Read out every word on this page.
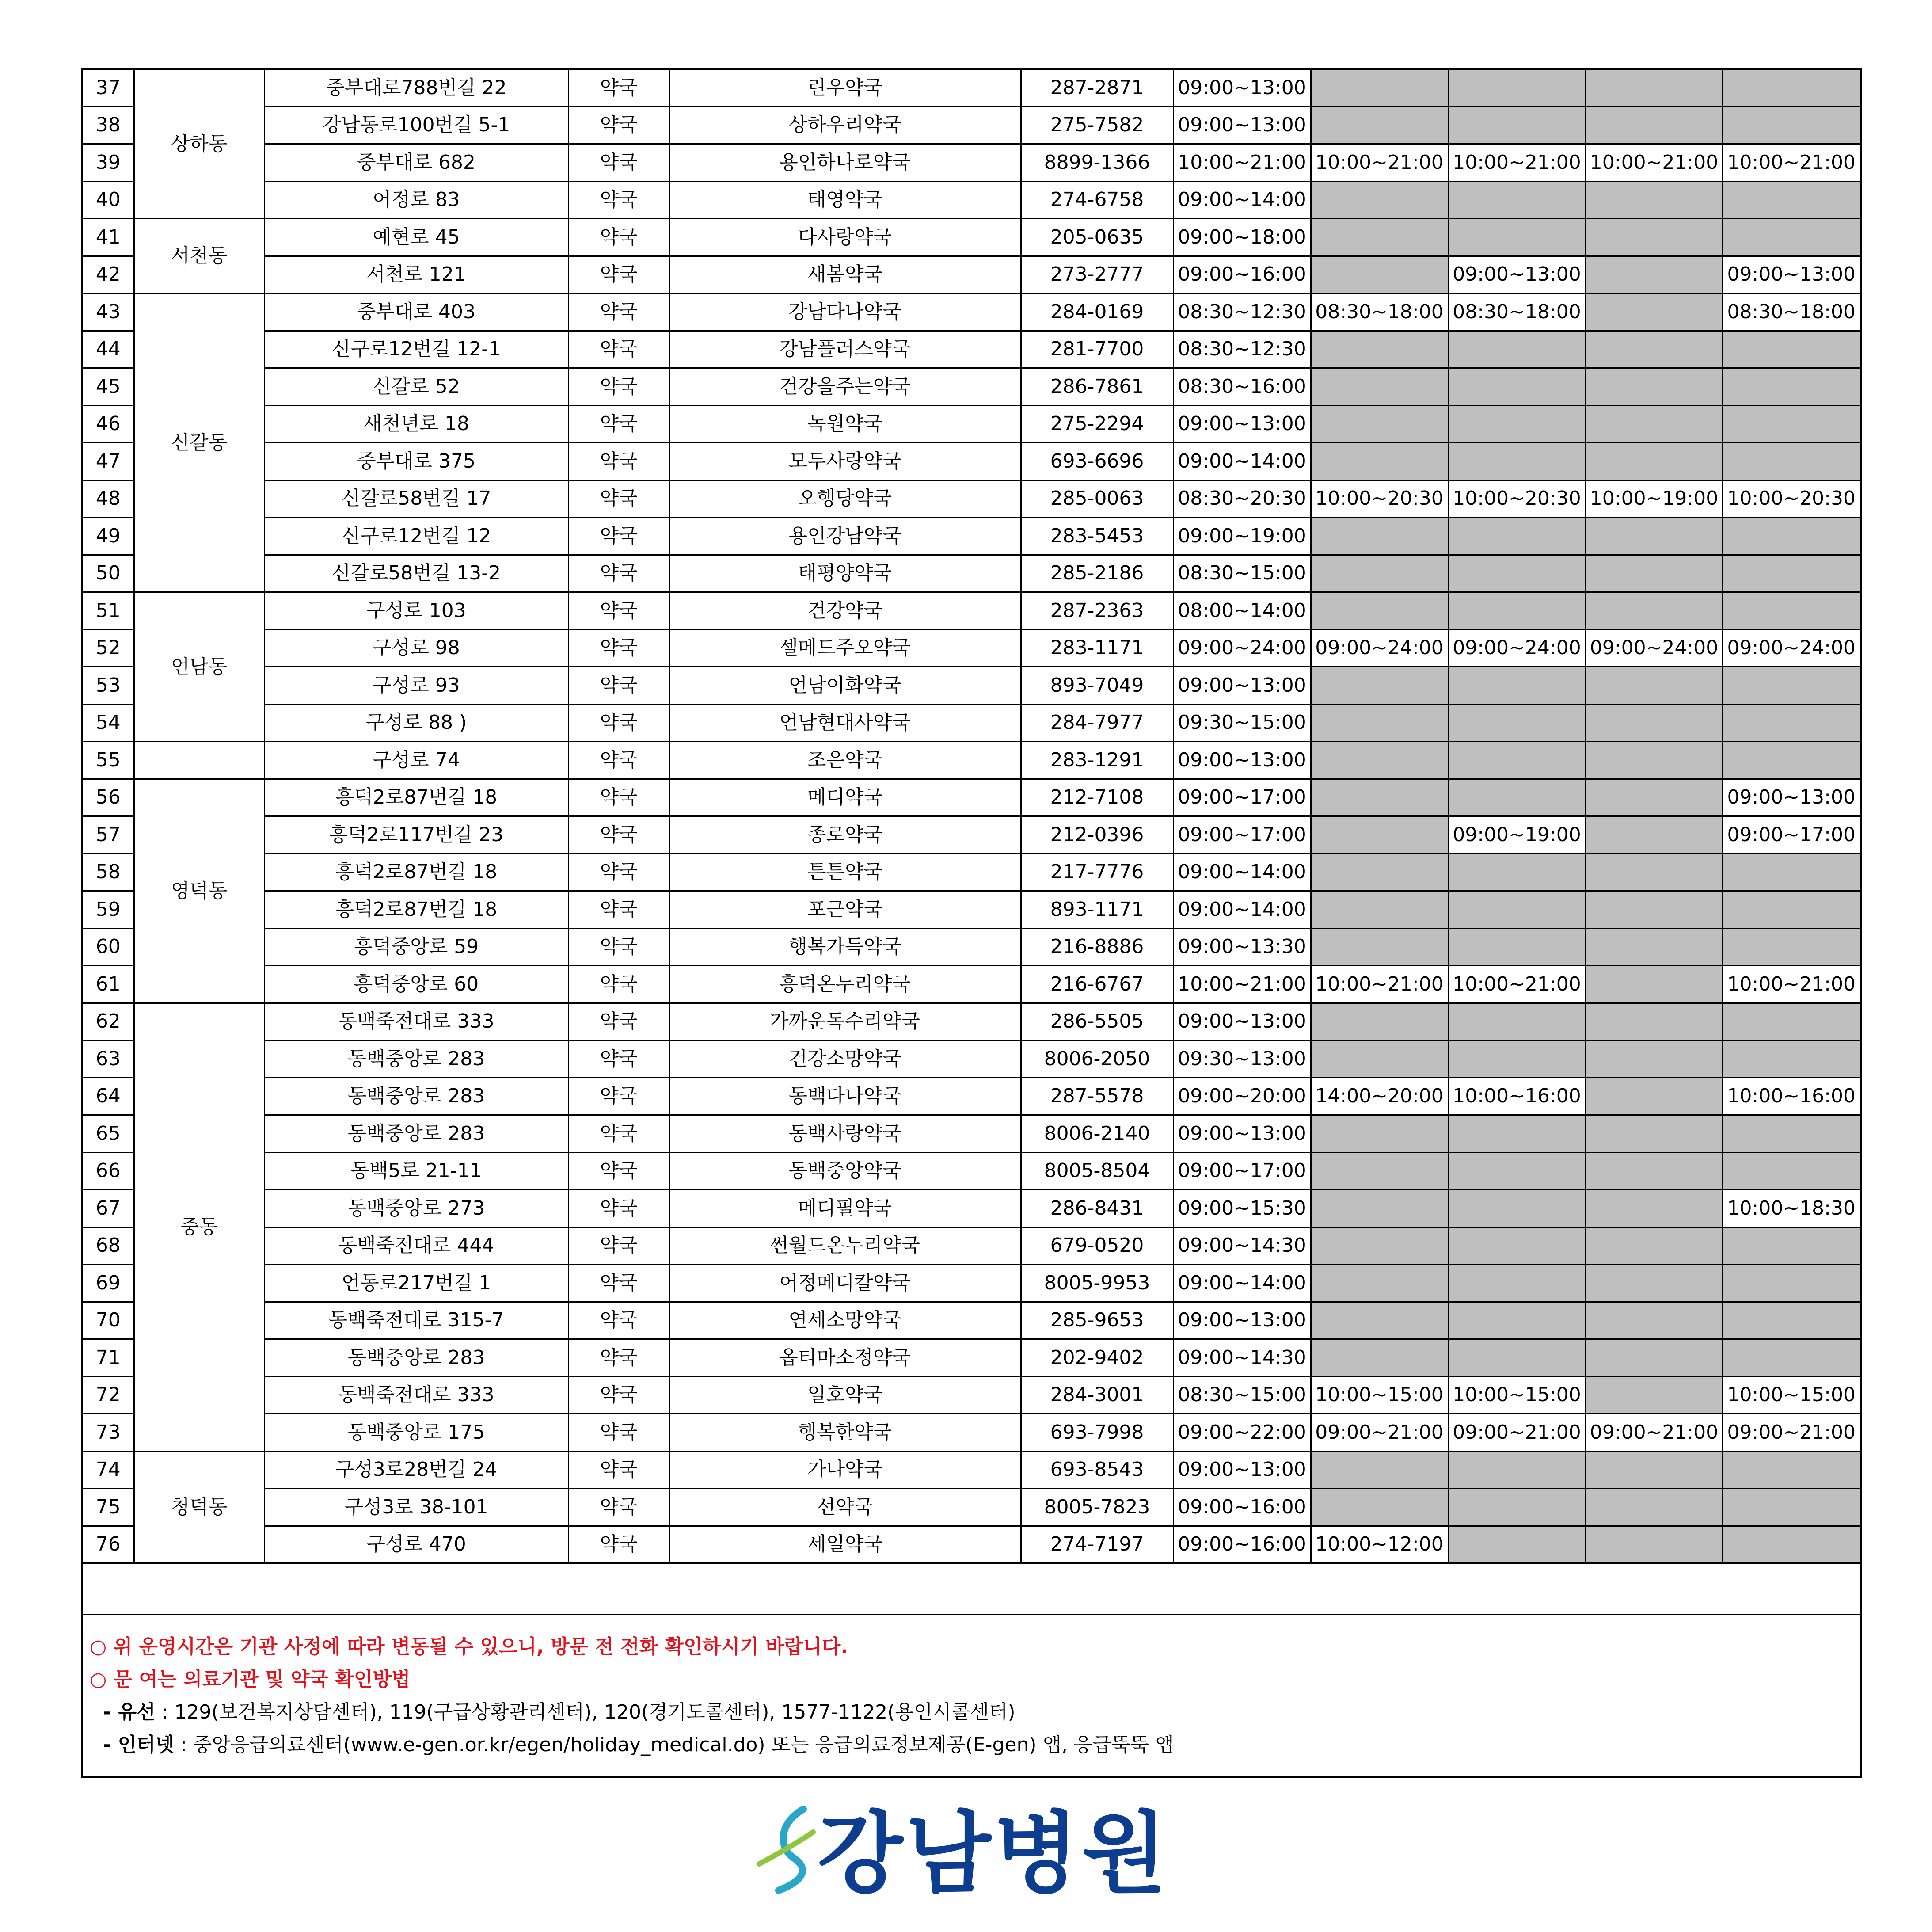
37	상하동	중부대로788번길 22	약국	린우약국	287-2871	09:00~13:00				
38		강남동로100번길 5-1	약국	상하우리약국	275-7582	09:00~13:00				
39		중부대로 682	약국	용인하나로약국	8899-1366	10:00~21:00	10:00~21:00	10:00~21:00	10:00~21:00	10:00~21:00
40		어정로 83	약국	태영약국	274-6758	09:00~14:00				
41	서천동	예현로 45	약국	다사랑약국	205-0635	09:00~18:00				
42		서천로 121	약국	새봄약국	273-2777	09:00~16:00		09:00~13:00		09:00~13:00
43	신갈동	중부대로 403	약국	강남다나약국	284-0169	08:30~12:30	08:30~18:00	08:30~18:00		08:30~18:00
44		신구로12번길 12-1	약국	강남플러스약국	281-7700	08:30~12:30				
45		신갈로 52	약국	건강을주는약국	286-7861	08:30~16:00				
46		새천년로 18	약국	녹원약국	275-2294	09:00~13:00				
47		중부대로 375	약국	모두사랑약국	693-6696	09:00~14:00				
48		신갈로58번길 17	약국	오행당약국	285-0063	08:30~20:30	10:00~20:30	10:00~20:30	10:00~19:00	10:00~20:30
49		신구로12번길 12	약국	용인강남약국	283-5453	09:00~19:00				
50		신갈로58번길 13-2	약국	태평양약국	285-2186	08:30~15:00				
51	언남동	구성로 103	약국	건강약국	287-2363	08:00~14:00				
52		구성로 98	약국	셀메드주오약국	283-1171	09:00~24:00	09:00~24:00	09:00~24:00	09:00~24:00	09:00~24:00
53		구성로 93	약국	언남이화약국	893-7049	09:00~13:00				
54		구성로 88 )	약국	언남현대사약국	284-7977	09:30~15:00				
55		구성로 74	약국	조은약국	283-1291	09:00~13:00				
56	영덕동	흥덕2로87번길 18	약국	메디약국	212-7108	09:00~17:00				09:00~13:00
57		흥덕2로117번길 23	약국	종로약국	212-0396	09:00~17:00		09:00~19:00		09:00~17:00
58		흥덕2로87번길 18	약국	튼튼약국	217-7776	09:00~14:00				
59		흥덕2로87번길 18	약국	포근약국	893-1171	09:00~14:00				
60		흥덕중앙로 59	약국	행복가득약국	216-8886	09:00~13:30				
61		흥덕중앙로 60	약국	흥덕온누리약국	216-6767	10:00~21:00	10:00~21:00	10:00~21:00		10:00~21:00
62	중동	동백죽전대로 333	약국	가까운독수리약국	286-5505	09:00~13:00				
63		동백중앙로 283	약국	건강소망약국	8006-2050	09:30~13:00				
64		동백중앙로 283	약국	동백다나약국	287-5578	09:00~20:00	14:00~20:00	10:00~16:00		10:00~16:00
65		동백중앙로 283	약국	동백사랑약국	8006-2140	09:00~13:00				
66		동백5로 21-11	약국	동백중앙약국	8005-8504	09:00~17:00				
67		동백중앙로 273	약국	메디필약국	286-8431	09:00~15:30				10:00~18:30
68		동백죽전대로 444	약국	썬월드온누리약국	679-0520	09:00~14:30				
69		언동로217번길 1	약국	어정메디칼약국	8005-9953	09:00~14:00				
70		동백죽전대로 315-7	약국	연세소망약국	285-9653	09:00~13:00				
71		동백중앙로 283	약국	옵티마소정약국	202-9402	09:00~14:30				
72		동백죽전대로 333	약국	일호약국	284-3001	08:30~15:00	10:00~15:00	10:00~15:00		10:00~15:00
73		동백중앙로 175	약국	행복한약국	693-7998	09:00~22:00	09:00~21:00	09:00~21:00	09:00~21:00	09:00~21:00
74	청덕동	구성3로28번길 24	약국	가나약국	693-8543	09:00~13:00				
75		구성3로 38-101	약국	선약국	8005-7823	09:00~16:00				
76		구성로 470	약국	세일약국	274-7197	09:00~16:00	10:00~12:00			
○ 위 운영시간은 기관 사정에 따라 변동될 수 있으니, 방문 전 전화 확인하시기 바랍니다.
○ 문 여는 의료기관 및 약국 확인방법
- 유선 : 129(보건복지상담센터), 119(구급상황관리센터), 120(경기도콜센터), 1577-1122(용인시콜센터)
- 인터넷 : 중앙응급의료센터(www.e-gen.or.kr/egen/holiday_medical.do) 또는 응급의료정보제공(E-gen) 앱, 응급뚝뚝 앱
강남병원
